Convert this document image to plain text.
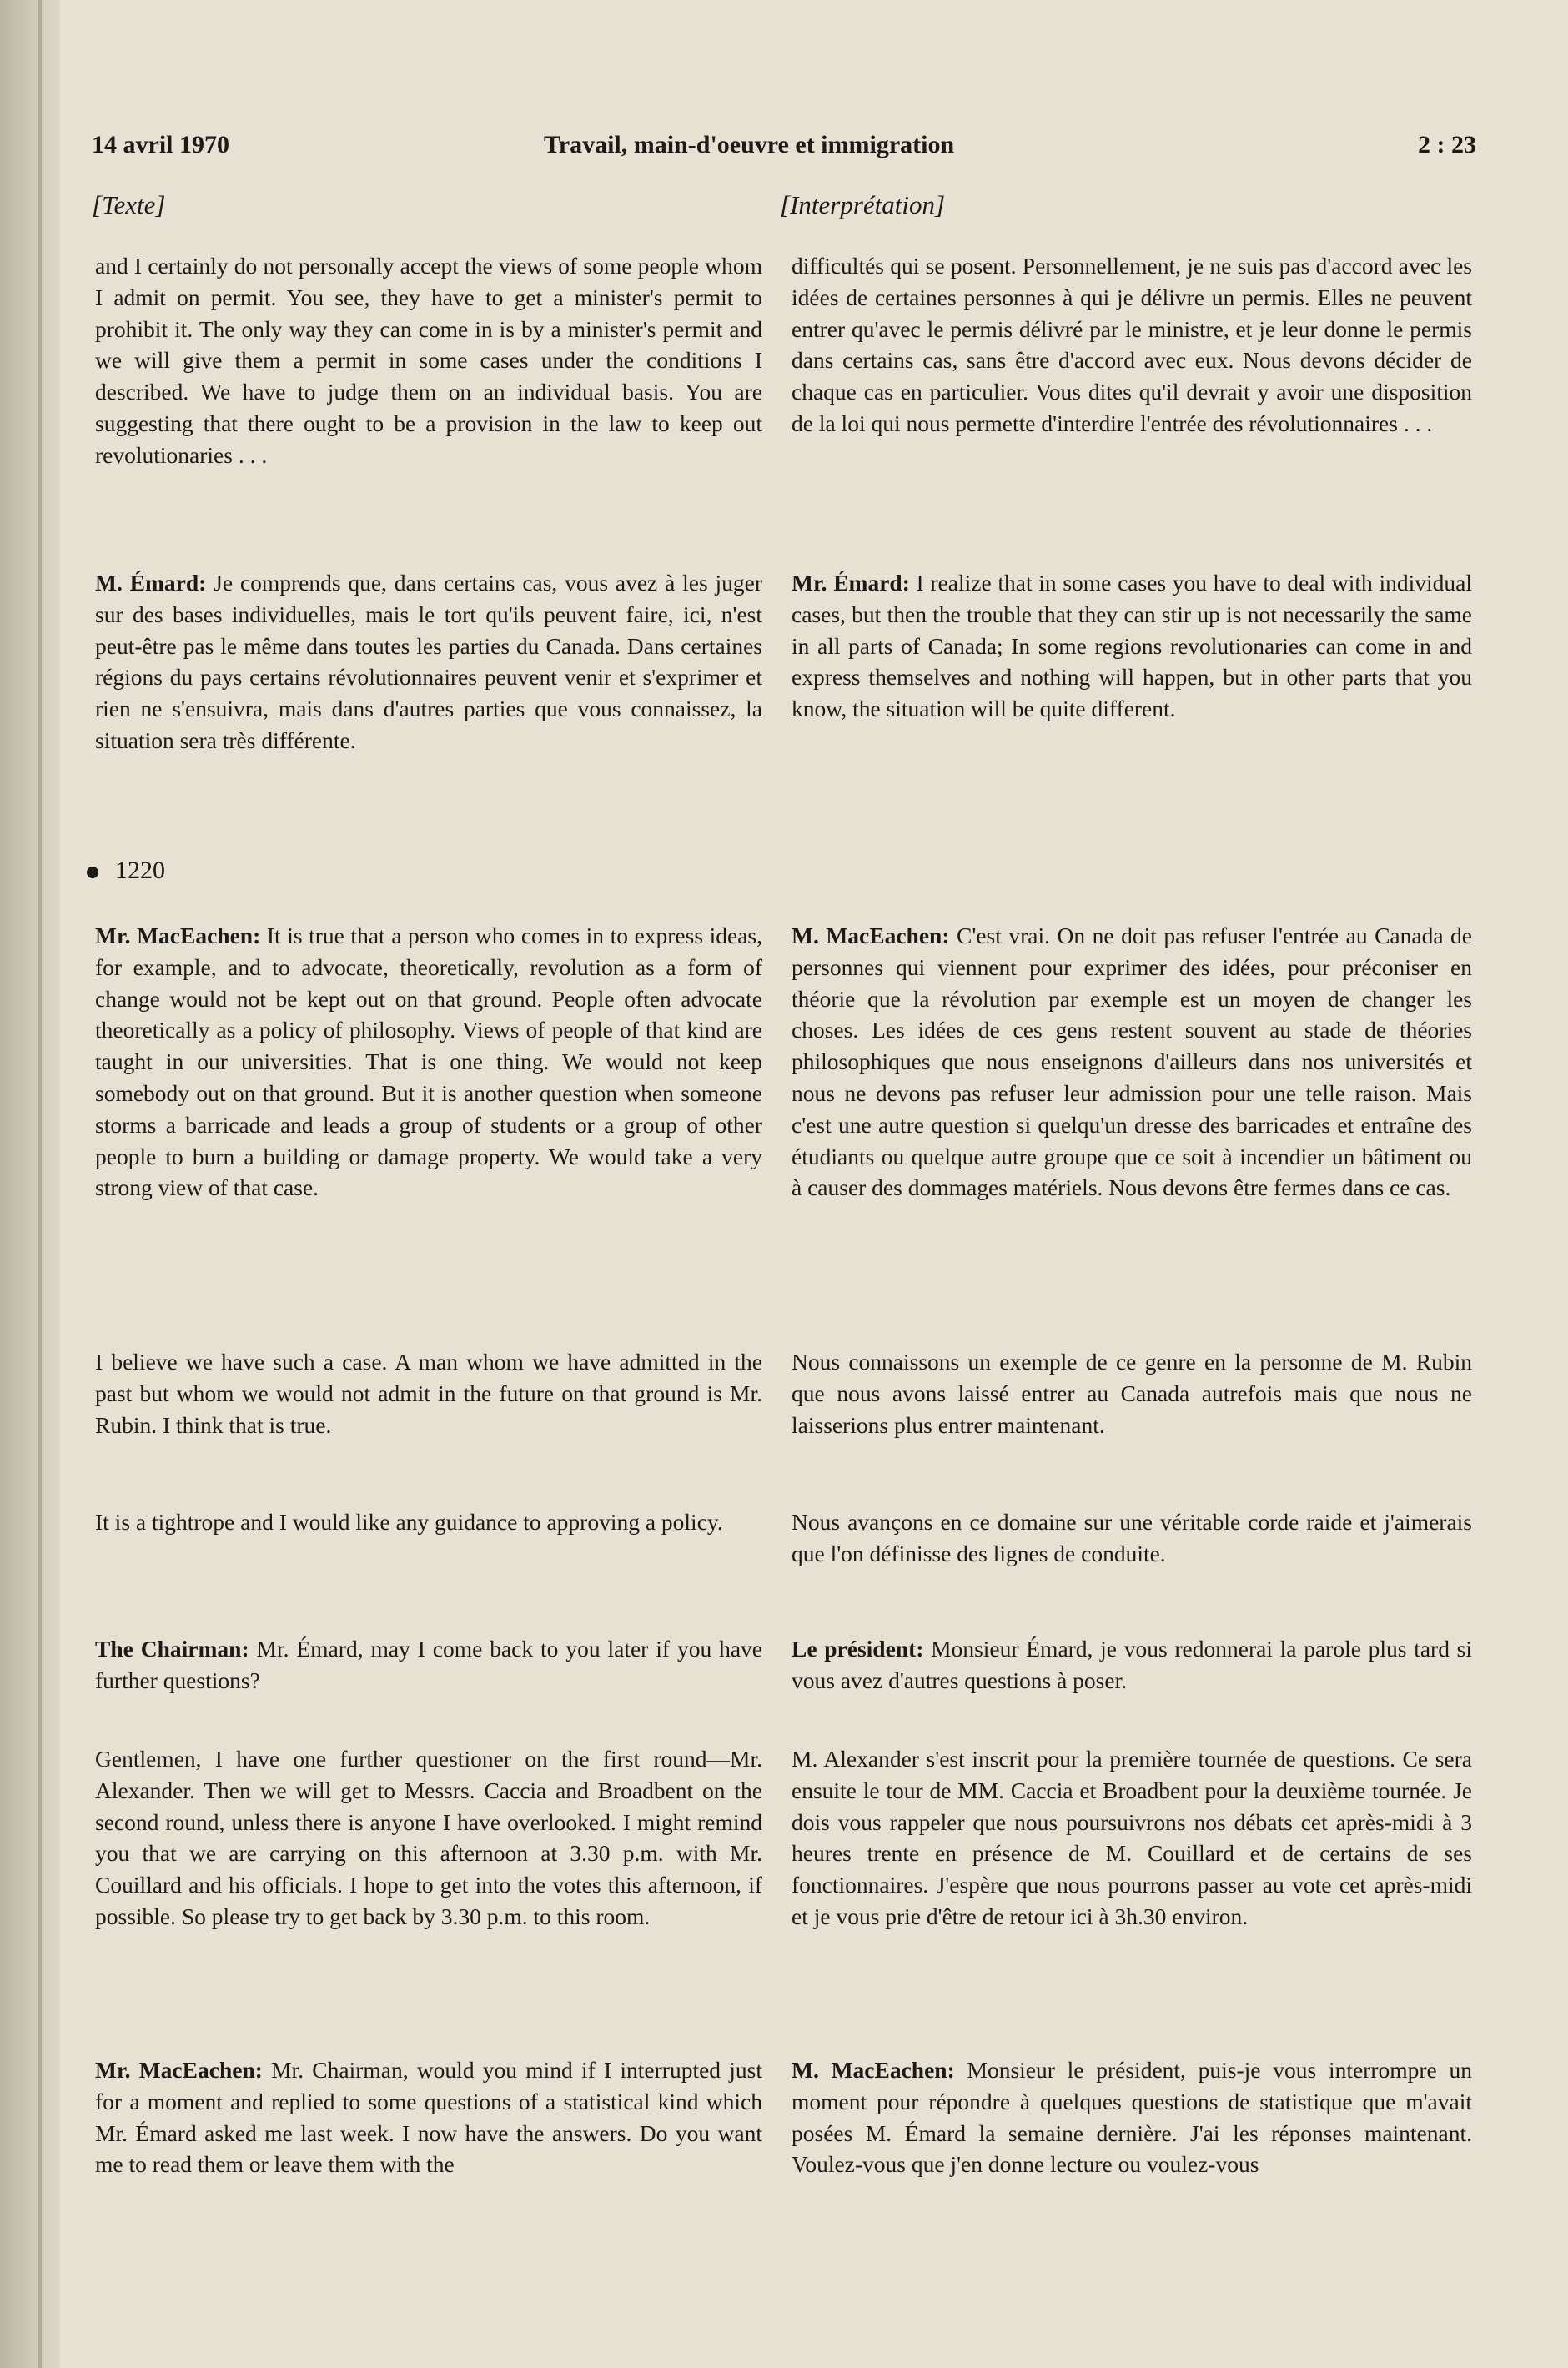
14 avril 1970	Travail, main-d'oeuvre et immigration	2 : 23
[Texte]	[Interprétation]

and I certainly do not personally accept the views of some people whom I admit on permit. You see, they have to get a minister's permit to prohibit it. The only way they can come in is by a minister's permit and we will give them a permit in some cases under the conditions I described. We have to judge them on an individual basis. You are suggesting that there ought to be a provision in the law to keep out revolutionaries . . .

M. Émard: Je comprends que, dans certains cas, vous avez à les juger sur des bases individuelles, mais le tort qu'ils peuvent faire, ici, n'est peut-être pas le même dans toutes les parties du Canada. Dans certaines régions du pays certains révolutionnaires peuvent venir et s'exprimer et rien ne s'ensuivra, mais dans d'autres parties que vous connaissez, la situation sera très différente.

1220

Mr. MacEachen: It is true that a person who comes in to express ideas, for example, and to advocate, theoretically, revolution as a form of change would not be kept out on that ground. People often advocate theoretically as a policy of philosophy. Views of people of that kind are taught in our universities. That is one thing. We would not keep somebody out on that ground. But it is another question when someone storms a barricade and leads a group of students or a group of other people to burn a building or damage property. We would take a very strong view of that case.

I believe we have such a case. A man whom we have admitted in the past but whom we would not admit in the future on that ground is Mr. Rubin. I think that is true.

It is a tightrope and I would like any guidance to approving a policy.

The Chairman: Mr. Émard, may I come back to you later if you have further questions?

Gentlemen, I have one further questioner on the first round—Mr. Alexander. Then we will get to Messrs. Caccia and Broadbent on the second round, unless there is anyone I have overlooked. I might remind you that we are carrying on this afternoon at 3.30 p.m. with Mr. Couillard and his officials. I hope to get into the votes this afternoon, if possible. So please try to get back by 3.30 p.m. to this room.

Mr. MacEachen: Mr. Chairman, would you mind if I interrupted just for a moment and replied to some questions of a statistical kind which Mr. Émard asked me last week. I now have the answers. Do you want me to read them or leave them with the

difficultés qui se posent. Personnellement, je ne suis pas d'accord avec les idées de certaines personnes à qui je délivre un permis. Elles ne peuvent entrer qu'avec le permis délivré par le ministre, et je leur donne le permis dans certains cas, sans être d'accord avec eux. Nous devons décider de chaque cas en particulier. Vous dites qu'il devrait y avoir une disposition de la loi qui nous permette d'interdire l'entrée des révolutionnaires . . .

Mr. Émard: I realize that in some cases you have to deal with individual cases, but then the trouble that they can stir up is not necessarily the same in all parts of Canada; In some regions revolutionaries can come in and express themselves and nothing will happen, but in other parts that you know, the situation will be quite different.

M. MacEachen: C'est vrai. On ne doit pas refuser l'entrée au Canada de personnes qui viennent pour exprimer des idées, pour préconiser en théorie que la révolution par exemple est un moyen de changer les choses. Les idées de ces gens restent souvent au stade de théories philosophiques que nous enseignons d'ailleurs dans nos universités et nous ne devons pas refuser leur admission pour une telle raison. Mais c'est une autre question si quelqu'un dresse des barricades et entraîne des étudiants ou quelque autre groupe que ce soit à incendier un bâtiment ou à causer des dommages matériels. Nous devons être fermes dans ce cas.

Nous connaissons un exemple de ce genre en la personne de M. Rubin que nous avons laissé entrer au Canada autrefois mais que nous ne laisserions plus entrer maintenant.

Nous avançons en ce domaine sur une véritable corde raide et j'aimerais que l'on définisse des lignes de conduite.

Le président: Monsieur Émard, je vous redonnerai la parole plus tard si vous avez d'autres questions à poser.

M. Alexander s'est inscrit pour la première tournée de questions. Ce sera ensuite le tour de MM. Caccia et Broadbent pour la deuxième tournée. Je dois vous rappeler que nous poursuivrons nos débats cet après-midi à 3 heures trente en présence de M. Couillard et de certains de ses fonctionnaires. J'espère que nous pourrons passer au vote cet après-midi et je vous prie d'être de retour ici à 3h.30 environ.

M. MacEachen: Monsieur le président, puis-je vous interrompre un moment pour répondre à quelques questions de statistique que m'avait posées M. Émard la semaine dernière. J'ai les réponses maintenant. Voulez-vous que j'en donne lecture ou voulez-vous
